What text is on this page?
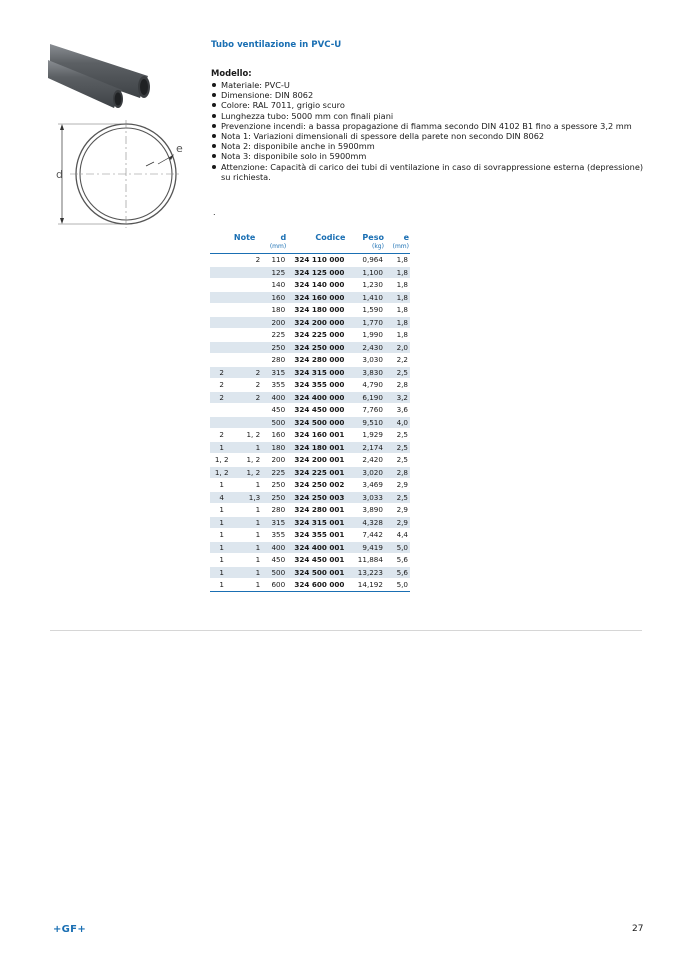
d
e
Tubo ventilazione in PVC-U
Modello:
Materiale: PVC-U
Dimensione: DIN 8062
Colore: RAL 7011, grigio scuro
Lunghezza tubo: 5000 mm con finali piani
Prevenzione incendi: a bassa propagazione di fiamma secondo DIN 4102 B1 fino a spessore 3,2 mm
Nota 1: Variazioni dimensionali di spessore della parete non secondo DIN 8062
Nota 2: disponibile anche in 5900mm
Nota 3: disponibile solo in 5900mm
Attenzione: Capacità di carico dei tubi di ventilazione in caso di sovrappressione esterna (depressione) su richiesta.
.
Note		d	Codice	Peso	e
		(mm)		(kg)	(mm)
	2	110	324 110 000	0,964	1,8
		125	324 125 000	1,100	1,8
		140	324 140 000	1,230	1,8
		160	324 160 000	1,410	1,8
		180	324 180 000	1,590	1,8
		200	324 200 000	1,770	1,8
		225	324 225 000	1,990	1,8
		250	324 250 000	2,430	2,0
		280	324 280 000	3,030	2,2
2	2	315	324 315 000	3,830	2,5
2	2	355	324 355 000	4,790	2,8
2	2	400	324 400 000	6,190	3,2
		450	324 450 000	7,760	3,6
		500	324 500 000	9,510	4,0
2	1, 2	160	324 160 001	1,929	2,5
1	1	180	324 180 001	2,174	2,5
1, 2	1, 2	200	324 200 001	2,420	2,5
1, 2	1, 2	225	324 225 001	3,020	2,8
1	1	250	324 250 002	3,469	2,9
4	1,3	250	324 250 003	3,033	2,5
1	1	280	324 280 001	3,890	2,9
1	1	315	324 315 001	4,328	2,9
1	1	355	324 355 001	7,442	4,4
1	1	400	324 400 001	9,419	5,0
1	1	450	324 450 001	11,884	5,6
1	1	500	324 500 001	13,223	5,6
1	1	600	324 600 000	14,192	5,0
+GF+	27
